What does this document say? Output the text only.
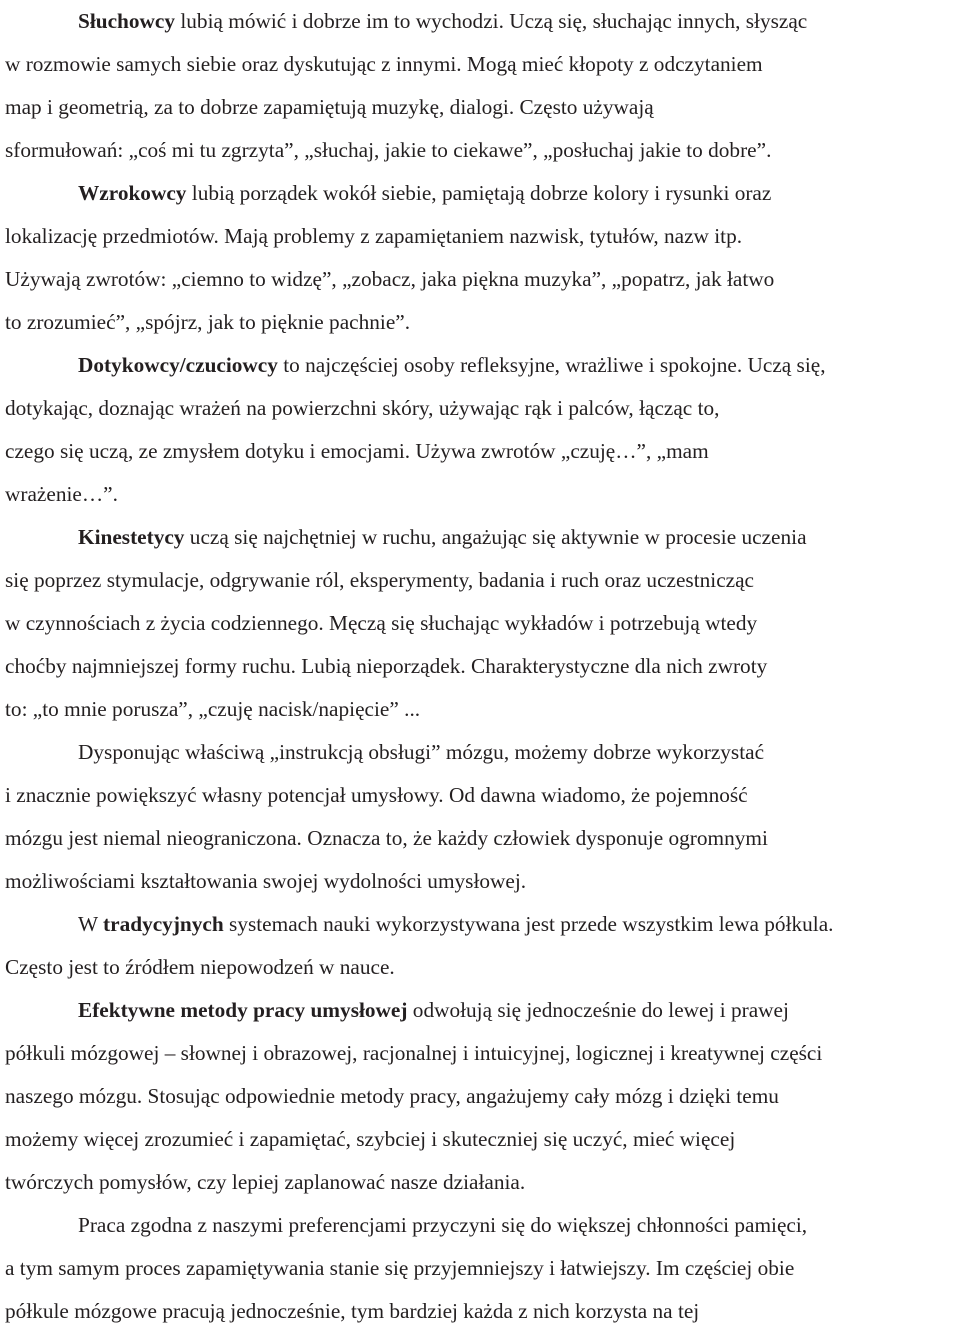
Słuchowcy lubią mówić i dobrze im to wychodzi. Uczą się, słuchając innych, słysząc
w rozmowie samych siebie oraz dyskutując z innymi. Mogą mieć kłopoty z odczytaniem
map i geometrią, za to dobrze zapamiętują muzykę, dialogi. Często używają
sformułowań: „coś mi tu zgrzyta”, „słuchaj, jakie to ciekawe”, „posłuchaj jakie to dobre”.
Wzrokowcy lubią porządek wokół siebie, pamiętają dobrze kolory i rysunki oraz
lokalizację przedmiotów. Mają problemy z zapamiętaniem nazwisk, tytułów, nazw itp.
Używają zwrotów: „ciemno to widzę”, „zobacz, jaka piękna muzyka”, „popatrz, jak łatwo
to zrozumieć”, „spójrz, jak to pięknie pachnie”.
Dotykowcy/czuciowcy to najczęściej osoby refleksyjne, wrażliwe i spokojne. Uczą się,
dotykając, doznając wrażeń na powierzchni skóry, używając rąk i palców, łącząc to,
czego się uczą, ze zmysłem dotyku i emocjami. Używa zwrotów „czuję…”, „mam
wrażenie…”.
Kinestetycy uczą się najchętniej w ruchu, angażując się aktywnie w procesie uczenia
się poprzez stymulacje, odgrywanie ról, eksperymenty, badania i ruch oraz uczestnicząc
w czynnościach z życia codziennego. Męczą się słuchając wykładów i potrzebują wtedy
choćby najmniejszej formy ruchu. Lubią nieporządek. Charakterystyczne dla nich zwroty
to: „to mnie porusza”, „czuję nacisk/napięcie” ...
Dysponując właściwą „instrukcją obsługi” mózgu, możemy dobrze wykorzystać
i znacznie powiększyć własny potencjał umysłowy. Od dawna wiadomo, że pojemność
mózgu jest niemal nieograniczona. Oznacza to, że każdy człowiek dysponuje ogromnymi
możliwościami kształtowania swojej wydolności umysłowej.
W tradycyjnych systemach nauki wykorzystywana jest przede wszystkim lewa półkula.
Często jest to źródłem niepowodzeń w nauce.
Efektywne metody pracy umysłowej odwołują się jednocześnie do lewej i prawej
półkuli mózgowej – słownej i obrazowej, racjonalnej i intuicyjnej, logicznej i kreatywnej części
naszego mózgu. Stosując odpowiednie metody pracy, angażujemy cały mózg i dzięki temu
możemy więcej zrozumieć i zapamiętać, szybciej i skuteczniej się uczyć, mieć więcej
twórczych pomysłów, czy lepiej zaplanować nasze działania.
Praca zgodna z naszymi preferencjami przyczyni się do większej chłonności pamięci,
a tym samym proces zapamiętywania stanie się przyjemniejszy i łatwiejszy. Im częściej obie
półkule mózgowe pracują jednocześnie, tym bardziej każda z nich korzysta na tej
